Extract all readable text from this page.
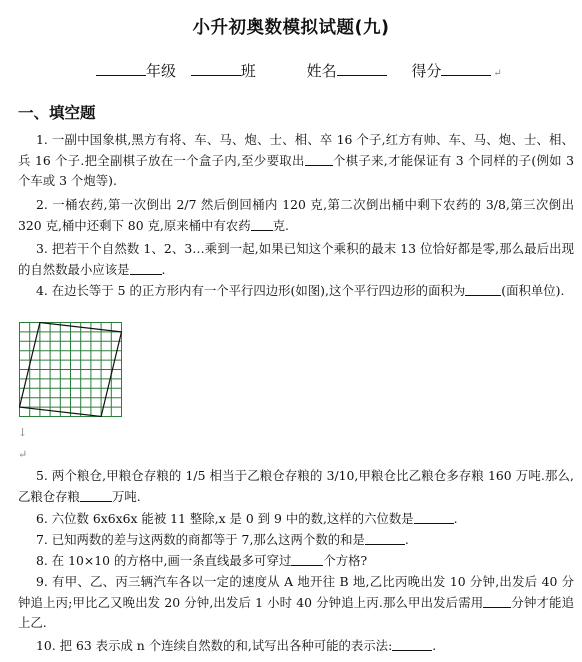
小升初奥数模拟试题(九)
年级	班	姓名	得分	↵
一、填空题
1. 一副中国象棋,黑方有将、车、马、炮、士、相、卒 16 个子,红方有帅、车、马、炮、士、相、兵 16 个子.把全副棋子放在一个盒子内,至少要取出 个棋子来,才能保证有 3 个同样的子(例如 3 个车或 3 个炮等).
2. 一桶农药,第一次倒出 2/7 然后倒回桶内 120 克,第二次倒出桶中剩下农药的 3/8,第三次倒出 320 克,桶中还剩下 80 克,原来桶中有农药 克.
3. 把若干个自然数 1、2、3…乘到一起,如果已知这个乘积的最末 13 位恰好都是零,那么最后出现的自然数最小应该是	.
4. 在边长等于 5 的正方形内有一个平行四边形(如图),这个平行四边形的面积为	(面积单位).
↓
↵
5. 两个粮仓,甲粮仓存粮的 1/5 相当于乙粮仓存粮的 3/10,甲粮仓比乙粮仓多存粮 160 万吨.那么,乙粮仓存粮	万吨.
6. 六位数 6x6x6x 能被 11 整除,x 是 0 到 9 中的数,这样的六位数是	.
7. 已知两数的差与这两数的商都等于 7,那么这两个数的和是	.
8. 在 10×10 的方格中,画一条直线最多可穿过	个方格?
9. 有甲、乙、丙三辆汽车各以一定的速度从 A 地开往 B 地,乙比丙晚出发 10 分钟,出发后 40 分钟追上丙;甲比乙又晚出发 20 分钟,出发后 1 小时 40 分钟追上丙.那么甲出发后需用 分钟才能追上乙.
10. 把 63 表示成 n 个连续自然数的和,试写出各种可能的表示法:	.
